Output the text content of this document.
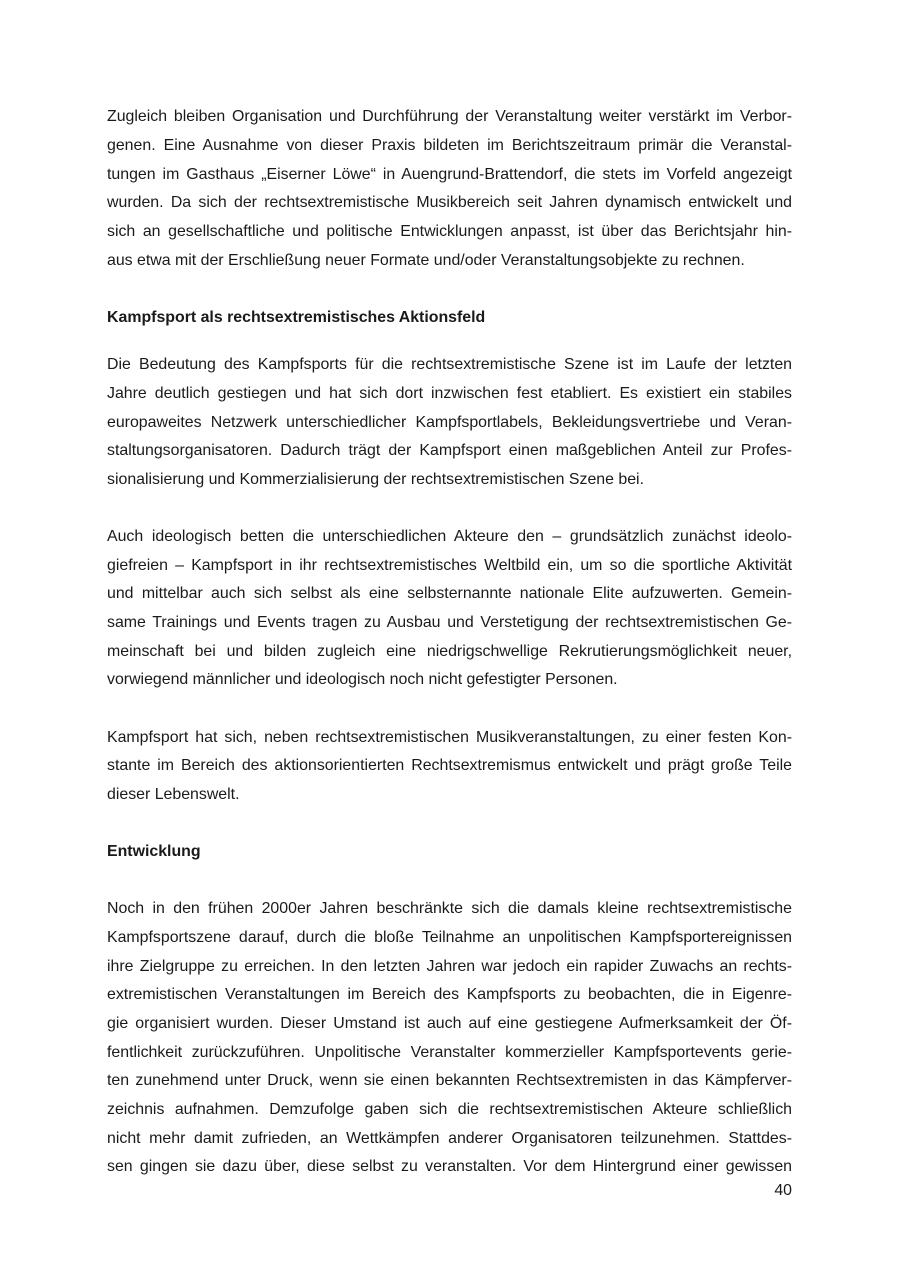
Zugleich bleiben Organisation und Durchführung der Veranstaltung weiter verstärkt im Verbor-
genen. Eine Ausnahme von dieser Praxis bildeten im Berichtszeitraum primär die Veranstal-
tungen im Gasthaus „Eiserner Löwe“ in Auengrund-Brattendorf, die stets im Vorfeld angezeigt
wurden. Da sich der rechtsextremistische Musikbereich seit Jahren dynamisch entwickelt und
sich an gesellschaftliche und politische Entwicklungen anpasst, ist über das Berichtsjahr hin-
aus etwa mit der Erschließung neuer Formate und/oder Veranstaltungsobjekte zu rechnen.
Kampfsport als rechtsextremistisches Aktionsfeld
Die Bedeutung des Kampfsports für die rechtsextremistische Szene ist im Laufe der letzten
Jahre deutlich gestiegen und hat sich dort inzwischen fest etabliert. Es existiert ein stabiles
europaweites Netzwerk unterschiedlicher Kampfsportlabels, Bekleidungsvertriebe und Veran-
staltungsorganisatoren. Dadurch trägt der Kampfsport einen maßgeblichen Anteil zur Profes-
sionalisierung und Kommerzialisierung der rechtsextremistischen Szene bei.
Auch ideologisch betten die unterschiedlichen Akteure den – grundsätzlich zunächst ideolo-
giefreien – Kampfsport in ihr rechtsextremistisches Weltbild ein, um so die sportliche Aktivität
und mittelbar auch sich selbst als eine selbsternannte nationale Elite aufzuwerten. Gemein-
same Trainings und Events tragen zu Ausbau und Verstetigung der rechtsextremistischen Ge-
meinschaft bei und bilden zugleich eine niedrigschwellige Rekrutierungsmöglichkeit neuer,
vorwiegend männlicher und ideologisch noch nicht gefestigter Personen.
Kampfsport hat sich, neben rechtsextremistischen Musikveranstaltungen, zu einer festen Kon-
stante im Bereich des aktionsorientierten Rechtsextremismus entwickelt und prägt große Teile
dieser Lebenswelt.
Entwicklung
Noch in den frühen 2000er Jahren beschränkte sich die damals kleine rechtsextremistische
Kampfsportszene darauf, durch die bloße Teilnahme an unpolitischen Kampfsportereignissen
ihre Zielgruppe zu erreichen. In den letzten Jahren war jedoch ein rapider Zuwachs an rechts-
extremistischen Veranstaltungen im Bereich des Kampfsports zu beobachten, die in Eigenre-
gie organisiert wurden. Dieser Umstand ist auch auf eine gestiegene Aufmerksamkeit der Öf-
fentlichkeit zurückzuführen. Unpolitische Veranstalter kommerzieller Kampfsportevents gerie-
ten zunehmend unter Druck, wenn sie einen bekannten Rechtsextremisten in das Kämpferver-
zeichnis aufnahmen. Demzufolge gaben sich die rechtsextremistischen Akteure schließlich
nicht mehr damit zufrieden, an Wettkämpfen anderer Organisatoren teilzunehmen. Stattdes-
sen gingen sie dazu über, diese selbst zu veranstalten. Vor dem Hintergrund einer gewissen
40
